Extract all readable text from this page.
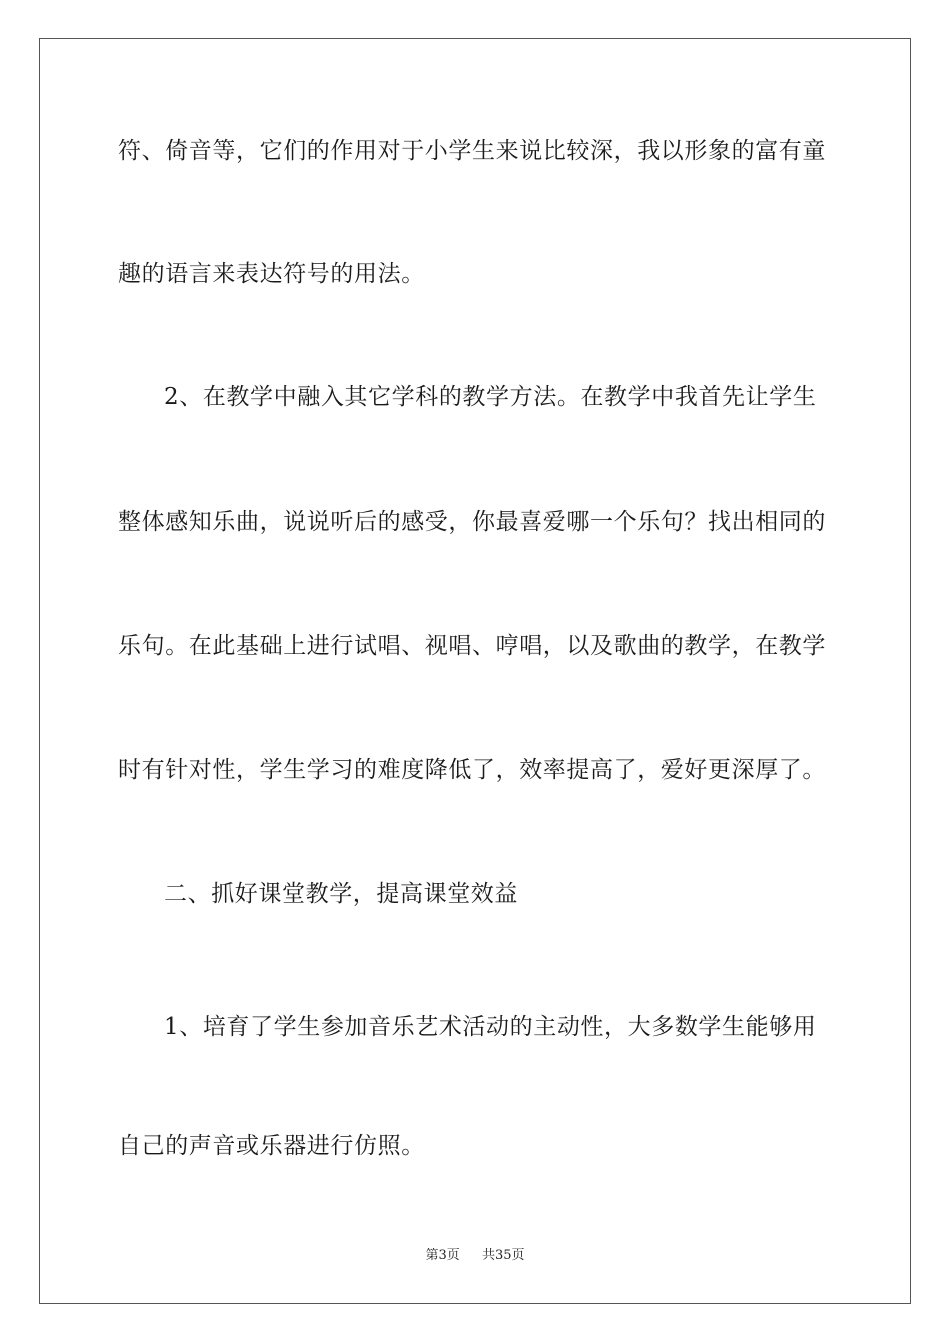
符、倚音等，它们的作用对于小学生来说比较深，我以形象的富有童
趣的语言来表达符号的用法。
2、在教学中融入其它学科的教学方法。在教学中我首先让学生
整体感知乐曲，说说听后的感受，你最喜爱哪一个乐句？找出相同的
乐句。在此基础上进行试唱、视唱、哼唱，以及歌曲的教学，在教学
时有针对性，学生学习的难度降低了，效率提高了，爱好更深厚了。
二、抓好课堂教学，提高课堂效益
1、培育了学生参加音乐艺术活动的主动性，大多数学生能够用
自己的声音或乐器进行仿照。
第3页 共35页
